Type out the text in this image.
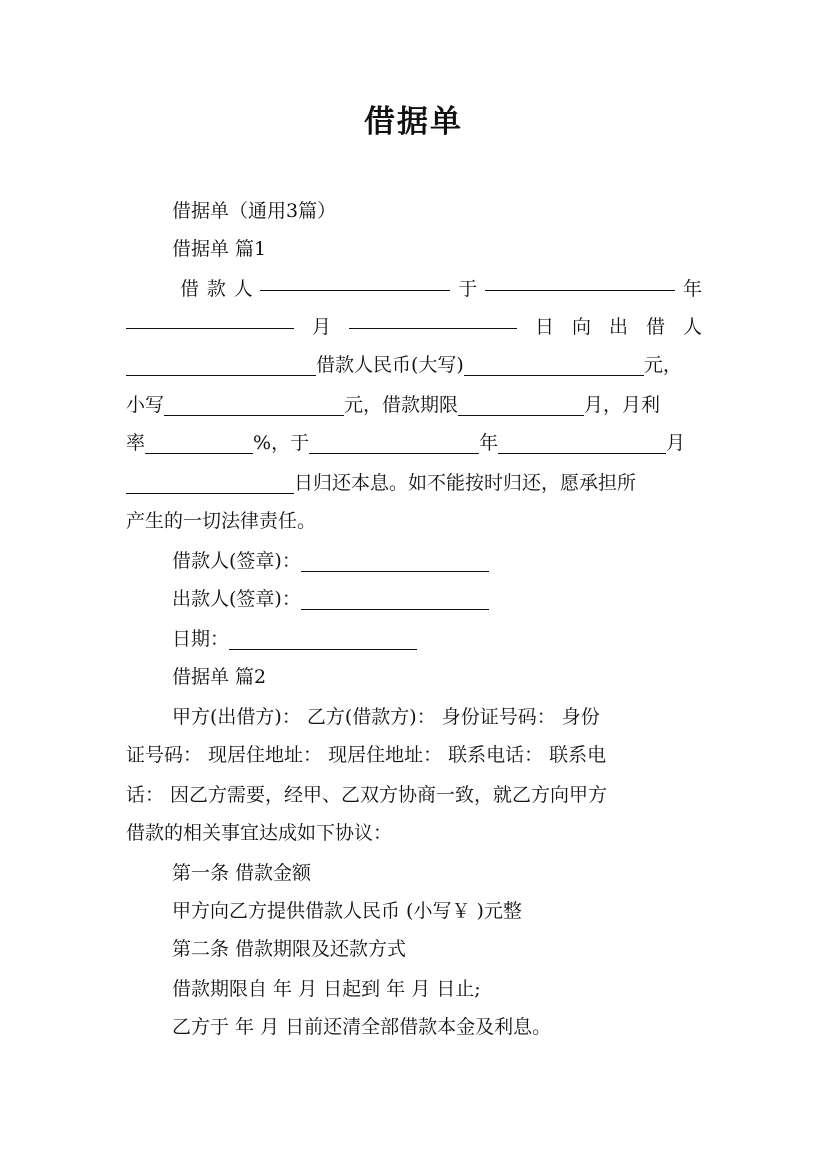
借据单
借据单（通用3篇）
借据单 篇1
借 款 人	于	年
月	日 向 出 借 人
借款人民币(大写)	元，
小写	元，借款期限	月，月利
率	%，于	年	月
日归还本息。如不能按时归还，愿承担所
产生的一切法律责任。
借款人(签章)：
出款人(签章)：
日期：
借据单 篇2
甲方(出借方)： 乙方(借款方)： 身份证号码： 身份
证号码： 现居住地址： 现居住地址： 联系电话： 联系电
话： 因乙方需要，经甲、乙双方协商一致，就乙方向甲方
借款的相关事宜达成如下协议：
第一条 借款金额
甲方向乙方提供借款人民币 (小写￥ )元整
第二条 借款期限及还款方式
借款期限自 年 月 日起到 年 月 日止;
乙方于 年 月 日前还清全部借款本金及利息。
